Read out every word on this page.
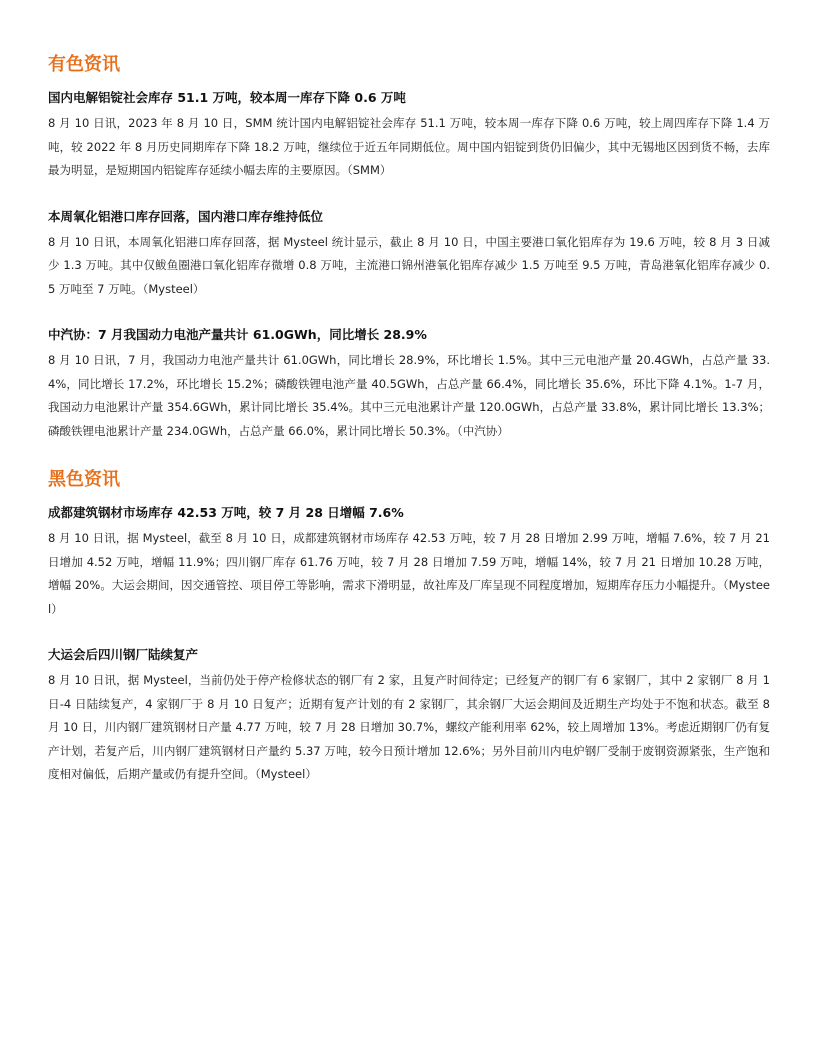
有色资讯
国内电解铝锭社会库存 51.1 万吨，较本周一库存下降 0.6 万吨

8 月 10 日讯，2023 年 8 月 10 日，SMM 统计国内电解铝锭社会库存 51.1 万吨，较本周一库存下降 0.6 万吨，较上周四库存下降 1.4 万吨，较 2022 年 8 月历史同期库存下降 18.2 万吨，继续位于近五年同期低位。周中国内铝锭到货仍旧偏少，其中无锡地区因到货不畅，去库最为明显，是短期国内铝锭库存延续小幅去库的主要原因。（SMM）

本周氧化铝港口库存回落，国内港口库存维持低位

8 月 10 日讯，本周氧化铝港口库存回落，据 Mysteel 统计显示，截止 8 月 10 日，中国主要港口氧化铝库存为 19.6 万吨，较 8 月 3 日减少 1.3 万吨。其中仅鲅鱼圈港口氧化铝库存微增 0.8 万吨，主流港口锦州港氧化铝库存减少 1.5 万吨至 9.5 万吨，青岛港氧化铝库存减少 0.5 万吨至 7 万吨。（Mysteel）

中汽协：7 月我国动力电池产量共计 61.0GWh，同比增长 28.9%

8 月 10 日讯，7 月，我国动力电池产量共计 61.0GWh，同比增长 28.9%，环比增长 1.5%。其中三元电池产量 20.4GWh，占总产量 33.4%，同比增长 17.2%，环比增长 15.2%；磷酸铁锂电池产量 40.5GWh，占总产量 66.4%，同比增长 35.6%，环比下降 4.1%。1-7 月，我国动力电池累计产量 354.6GWh，累计同比增长 35.4%。其中三元电池累计产量 120.0GWh，占总产量 33.8%，累计同比增长 13.3%；磷酸铁锂电池累计产量 234.0GWh，占总产量 66.0%，累计同比增长 50.3%。（中汽协）

黑色资讯
成都建筑钢材市场库存 42.53 万吨，较 7 月 28 日增幅 7.6%

8 月 10 日讯，据 Mysteel，截至 8 月 10 日，成都建筑钢材市场库存 42.53 万吨，较 7 月 28 日增加 2.99 万吨，增幅 7.6%，较 7 月 21 日增加 4.52 万吨，增幅 11.9%；四川钢厂库存 61.76 万吨，较 7 月 28 日增加 7.59 万吨，增幅 14%，较 7 月 21 日增加 10.28 万吨，增幅 20%。大运会期间，因交通管控、项目停工等影响，需求下滑明显，故社库及厂库呈现不同程度增加，短期库存压力小幅提升。（Mysteel）

大运会后四川钢厂陆续复产

8 月 10 日讯，据 Mysteel，当前仍处于停产检修状态的钢厂有 2 家，且复产时间待定；已经复产的钢厂有 6 家钢厂，其中 2 家钢厂 8 月 1 日-4 日陆续复产，4 家钢厂于 8 月 10 日复产；近期有复产计划的有 2 家钢厂，其余钢厂大运会期间及近期生产均处于不饱和状态。截至 8 月 10 日，川内钢厂建筑钢材日产量 4.77 万吨，较 7 月 28 日增加 30.7%，螺纹产能利用率 62%，较上周增加 13%。考虑近期钢厂仍有复产计划，若复产后，川内钢厂建筑钢材日产量约 5.37 万吨，较今日预计增加 12.6%；另外目前川内电炉钢厂受制于废钢资源紧张，生产饱和度相对偏低，后期产量或仍有提升空间。（Mysteel）
